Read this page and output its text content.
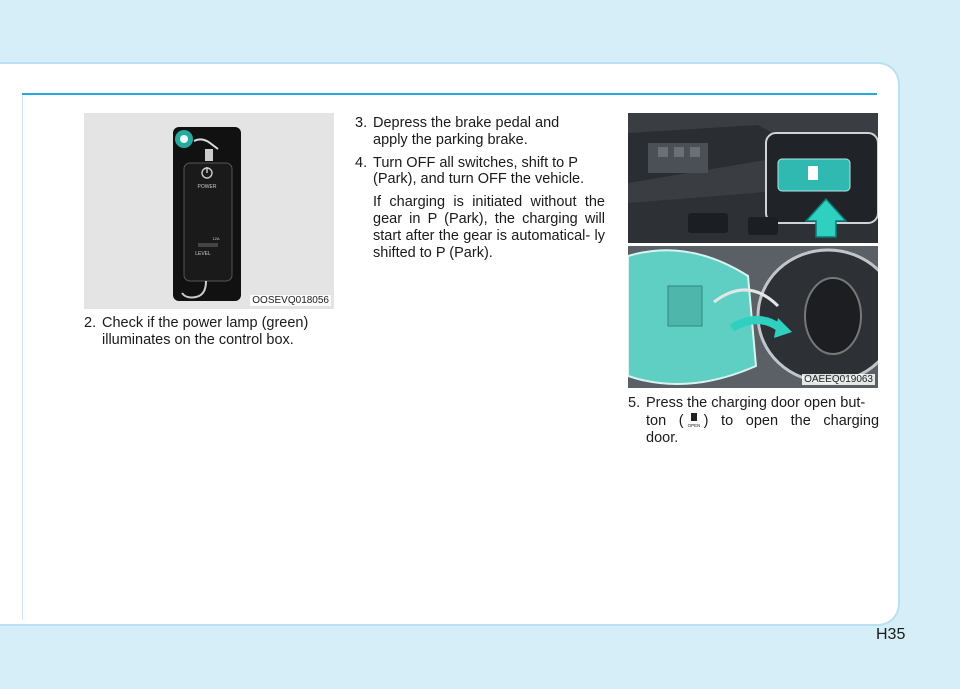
POWER
12A
LEVEL
OOSEVQ018056
OAEEQ019063
2. Check if the power lamp (green)
illuminates on the control box.
3. Depress the brake pedal and
apply the parking brake.
4. Turn OFF all switches, shift to P
(Park), and turn OFF the vehicle.
If charging is initiated without the gear in P (Park), the charging will start after the gear is automatical- ly shifted to P (Park).
5. Press the charging door open but-
ton ( OPEN ) to open the charging
door.
H35
